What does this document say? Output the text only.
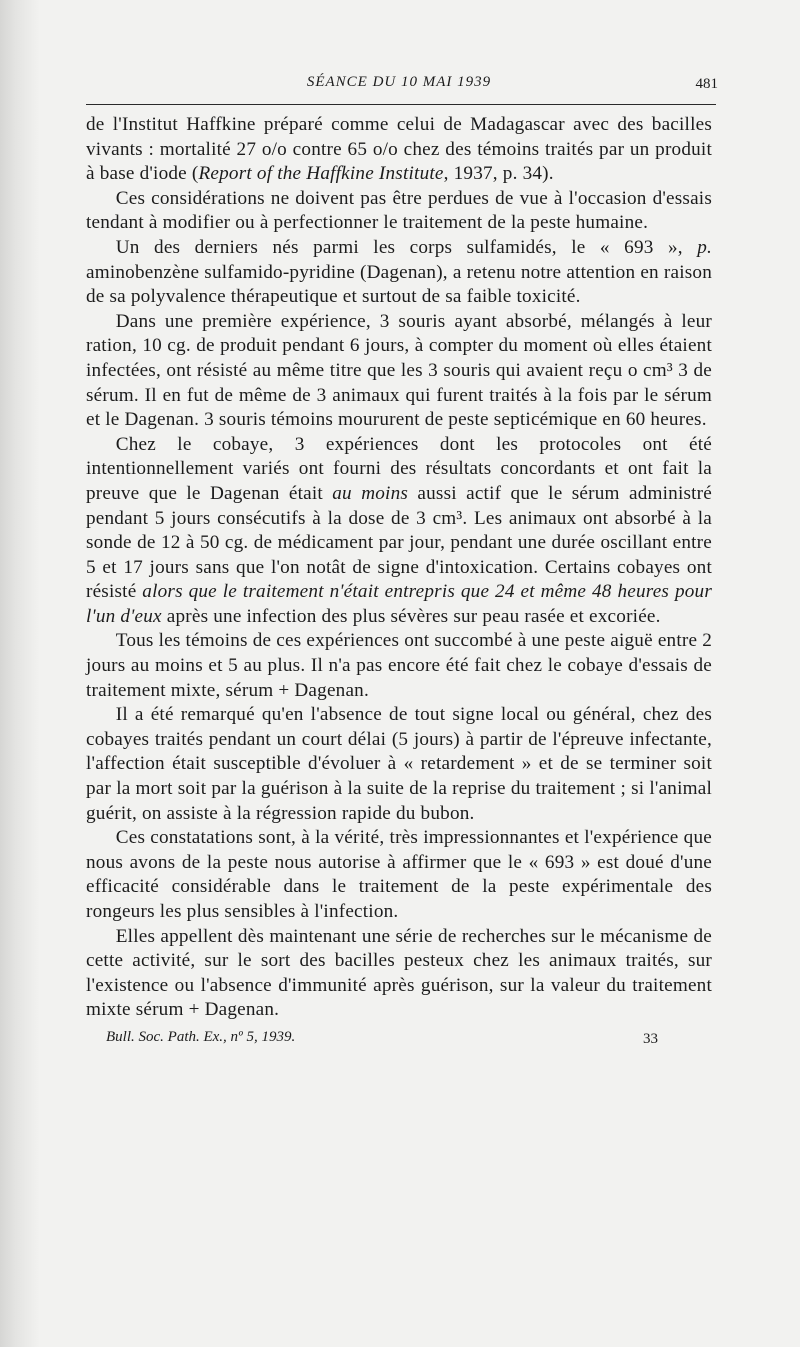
SÉANCE DU 10 MAI 1939	481

de l'Institut Haffkine préparé comme celui de Madagascar avec des bacilles vivants : mortalité 27 o/o contre 65 o/o chez des témoins traités par un produit à base d'iode (Report of the Haffkine Institute, 1937, p. 34).

Ces considérations ne doivent pas être perdues de vue à l'occasion d'essais tendant à modifier ou à perfectionner le traitement de la peste humaine.

Un des derniers nés parmi les corps sulfamidés, le « 693 », p. aminobenzène sulfamido-pyridine (Dagenan), a retenu notre attention en raison de sa polyvalence thérapeutique et surtout de sa faible toxicité.

Dans une première expérience, 3 souris ayant absorbé, mélangés à leur ration, 10 cg. de produit pendant 6 jours, à compter du moment où elles étaient infectées, ont résisté au même titre que les 3 souris qui avaient reçu o cm³ 3 de sérum. Il en fut de même de 3 animaux qui furent traités à la fois par le sérum et le Dagenan. 3 souris témoins moururent de peste septicémique en 60 heures.

Chez le cobaye, 3 expériences dont les protocoles ont été intentionnellement variés ont fourni des résultats concordants et ont fait la preuve que le Dagenan était au moins aussi actif que le sérum administré pendant 5 jours consécutifs à la dose de 3 cm³. Les animaux ont absorbé à la sonde de 12 à 50 cg. de médicament par jour, pendant une durée oscillant entre 5 et 17 jours sans que l'on notât de signe d'intoxication. Certains cobayes ont résisté alors que le traitement n'était entrepris que 24 et même 48 heures pour l'un d'eux après une infection des plus sévères sur peau rasée et excoriée.

Tous les témoins de ces expériences ont succombé à une peste aiguë entre 2 jours au moins et 5 au plus. Il n'a pas encore été fait chez le cobaye d'essais de traitement mixte, sérum + Dagenan.

Il a été remarqué qu'en l'absence de tout signe local ou général, chez des cobayes traités pendant un court délai (5 jours) à partir de l'épreuve infectante, l'affection était susceptible d'évoluer à « retardement » et de se terminer soit par la mort soit par la guérison à la suite de la reprise du traitement ; si l'animal guérit, on assiste à la régression rapide du bubon.

Ces constatations sont, à la vérité, très impressionnantes et l'expérience que nous avons de la peste nous autorise à affirmer que le « 693 » est doué d'une efficacité considérable dans le traitement de la peste expérimentale des rongeurs les plus sensibles à l'infection.

Elles appellent dès maintenant une série de recherches sur le mécanisme de cette activité, sur le sort des bacilles pesteux chez les animaux traités, sur l'existence ou l'absence d'immunité après guérison, sur la valeur du traitement mixte sérum + Dagenan.

Bull. Soc. Path. Ex., nº 5, 1939.	33
